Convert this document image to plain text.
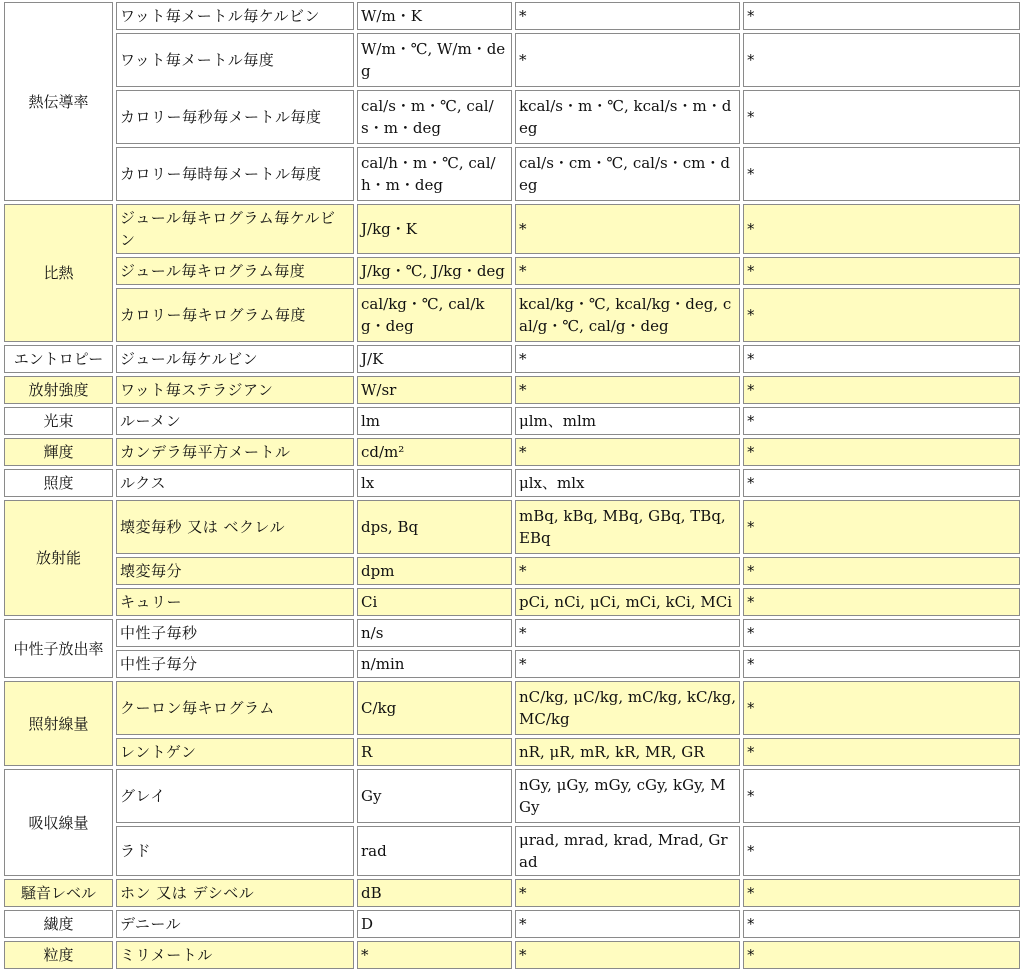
熱伝導率	ワット毎メートル毎ケルビン	W/m・K	*	*
	ワット毎メートル毎度	W/m・℃, W/m・deg	*	*
	カロリー毎秒毎メートル毎度	cal/s・m・℃, cal/s・m・deg	kcal/s・m・℃, kcal/s・m・deg	*
	カロリー毎時毎メートル毎度	cal/h・m・℃, cal/h・m・deg	cal/s・cm・℃, cal/s・cm・deg	*
比熱	ジュール毎キログラム毎ケルビン	J/kg・K	*	*
	ジュール毎キログラム毎度	J/kg・℃, J/kg・deg	*	*
	カロリー毎キログラム毎度	cal/kg・℃, cal/kg・deg	kcal/kg・℃, kcal/kg・deg, cal/g・℃, cal/g・deg	*
エントロピー	ジュール毎ケルビン	J/K	*	*
放射強度	ワット毎ステラジアン	W/sr	*	*
光束	ルーメン	lm	μlm、mlm	*
輝度	カンデラ毎平方メートル	cd/m²	*	*
照度	ルクス	lx	μlx、mlx	*
放射能	壊変毎秒 又は ベクレル	dps, Bq	mBq, kBq, MBq, GBq, TBq, EBq	*
	壊変毎分	dpm	*	*
	キュリー	Ci	pCi, nCi, μCi, mCi, kCi, MCi	*
中性子放出率	中性子毎秒	n/s	*	*
	中性子毎分	n/min	*	*
照射線量	クーロン毎キログラム	C/kg	nC/kg, μC/kg, mC/kg, kC/kg, MC/kg	*
	レントゲン	R	nR, μR, mR, kR, MR, GR	*
吸収線量	グレイ	Gy	nGy, μGy, mGy, cGy, kGy, MGy	*
	ラド	rad	μrad, mrad, krad, Mrad, Grad	*
騒音レベル	ホン 又は デシベル	dB	*	*
繊度	デニール	D	*	*
粒度	ミリメートル	*	*	*
